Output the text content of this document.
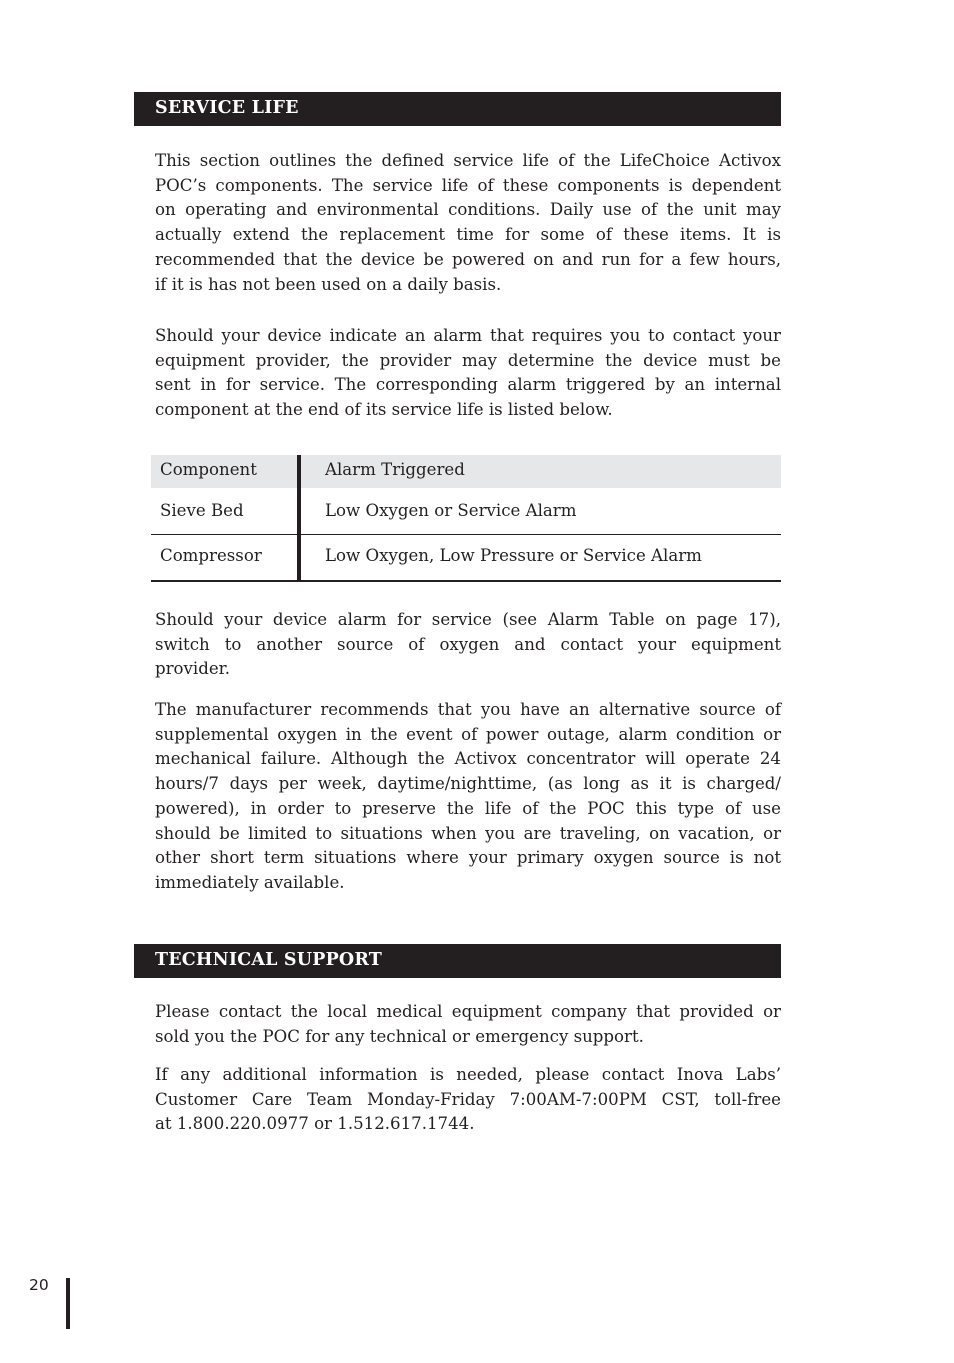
SERVICE LIFE
This section outlines the defined service life of the LifeChoice Activox
POC’s components. The service life of these components is dependent
on operating and environmental conditions. Daily use of the unit may
actually extend the replacement time for some of these items. It is
recommended that the device be powered on and run for a few hours,
if it is has not been used on a daily basis.
Should your device indicate an alarm that requires you to contact your
equipment provider, the provider may determine the device must be
sent in for service. The corresponding alarm triggered by an internal
component at the end of its service life is listed below.
Component	Alarm Triggered
Sieve Bed	Low Oxygen or Service Alarm
Compressor	Low Oxygen, Low Pressure or Service Alarm
Should your device alarm for service (see Alarm Table on page 17),
switch to another source of oxygen and contact your equipment
provider.
The manufacturer recommends that you have an alternative source of
supplemental oxygen in the event of power outage, alarm condition or
mechanical failure. Although the Activox concentrator will operate 24
hours/7 days per week, daytime/nighttime, (as long as it is charged/
powered), in order to preserve the life of the POC this type of use
should be limited to situations when you are traveling, on vacation, or
other short term situations where your primary oxygen source is not
immediately available.
TECHNICAL SUPPORT
Please contact the local medical equipment company that provided or
sold you the POC for any technical or emergency support.
If any additional information is needed, please contact Inova Labs’
Customer Care Team Monday-Friday 7:00AM-7:00PM CST, toll-free
at 1.800.220.0977 or 1.512.617.1744.
20
